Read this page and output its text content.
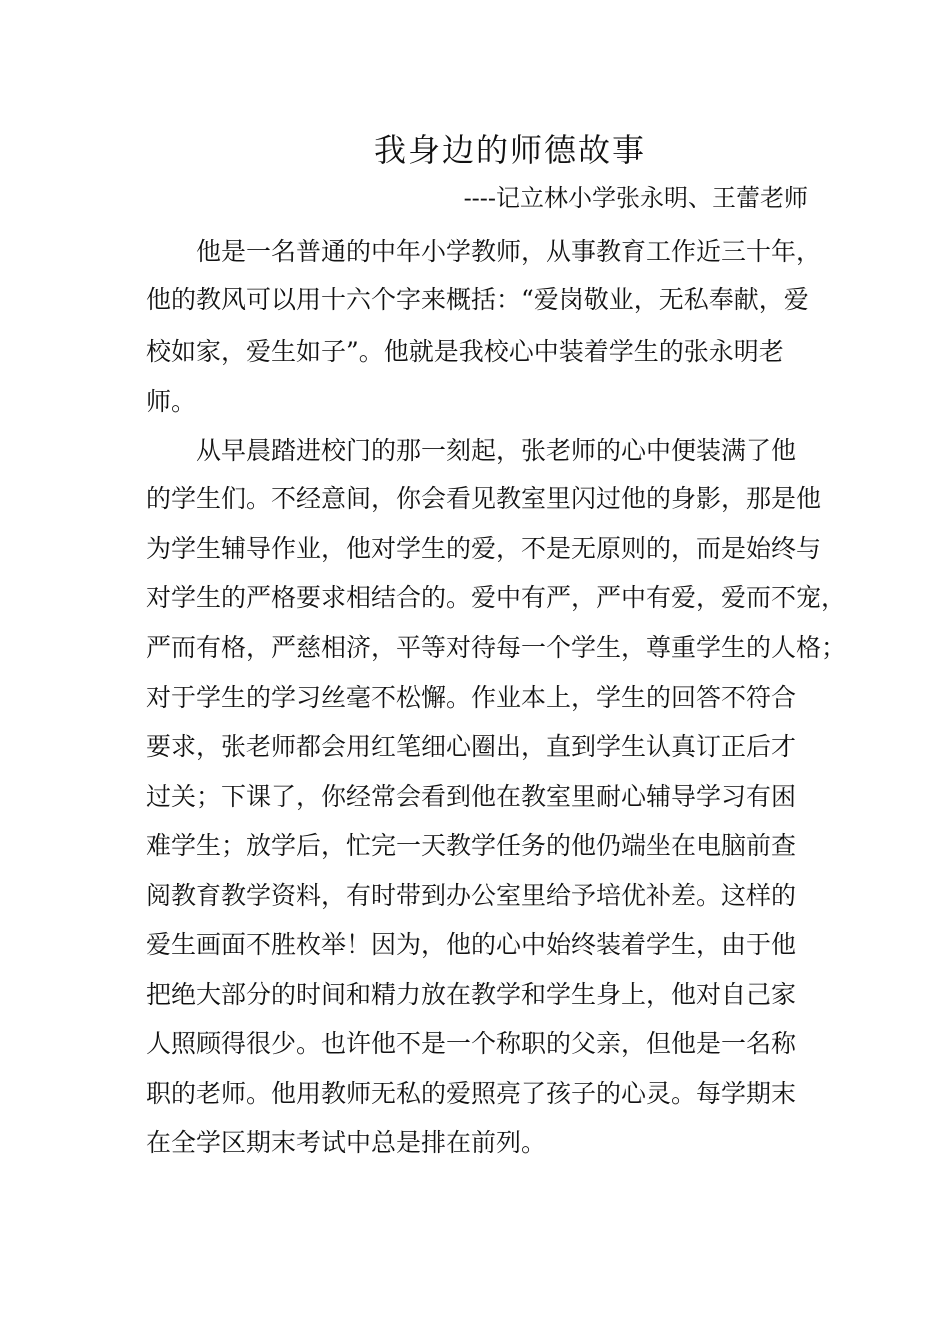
我身边的师德故事
----记立林小学张永明、王蕾老师
他是一名普通的中年小学教师，从事教育工作近三十年，
他的教风可以用十六个字来概括：“爱岗敬业，无私奉献，爱
校如家，爱生如子”。他就是我校心中装着学生的张永明老
师。
从早晨踏进校门的那一刻起，张老师的心中便装满了他
的学生们。不经意间，你会看见教室里闪过他的身影，那是他
为学生辅导作业，他对学生的爱，不是无原则的，而是始终与
对学生的严格要求相结合的。爱中有严，严中有爱，爱而不宠，
严而有格，严慈相济，平等对待每一个学生，尊重学生的人格；
对于学生的学习丝毫不松懈。作业本上，学生的回答不符合
要求，张老师都会用红笔细心圈出，直到学生认真订正后才
过关；下课了，你经常会看到他在教室里耐心辅导学习有困
难学生；放学后，忙完一天教学任务的他仍端坐在电脑前查
阅教育教学资料，有时带到办公室里给予培优补差。这样的
爱生画面不胜枚举！因为，他的心中始终装着学生，由于他
把绝大部分的时间和精力放在教学和学生身上，他对自己家
人照顾得很少。也许他不是一个称职的父亲，但他是一名称
职的老师。他用教师无私的爱照亮了孩子的心灵。每学期末
在全学区期末考试中总是排在前列。
